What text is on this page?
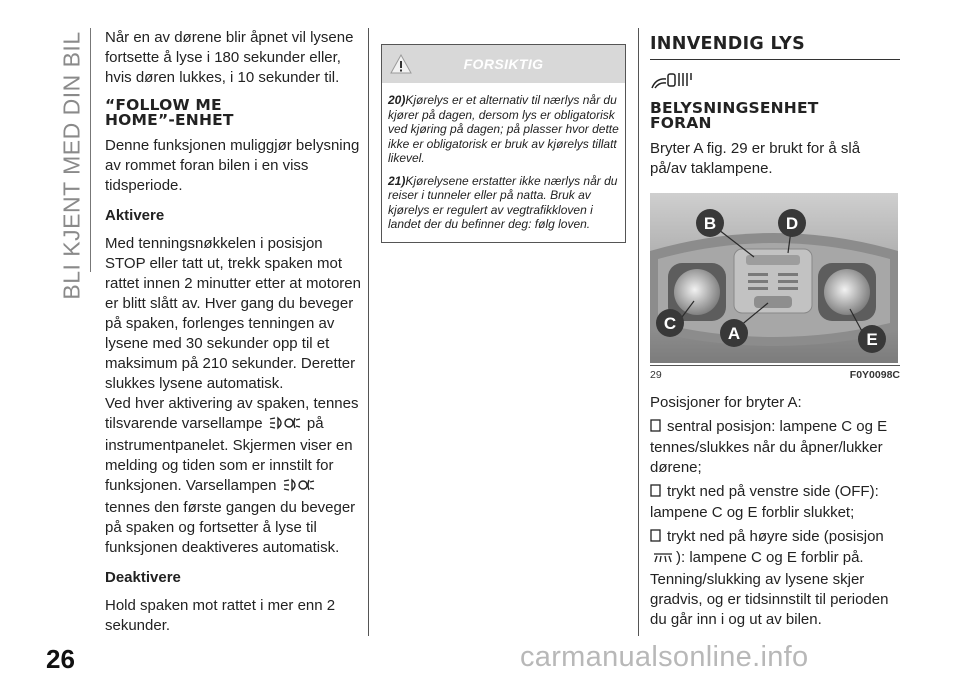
BLI KJENT MED DIN BIL Når en av dørene blir åpnet vil lysene fortsette å lyse i 180 sekunder eller, hvis døren lukkes, i 10 sekunder til.

“FOLLOW ME
HOME”-ENHET

Denne funksjonen muliggjør belysning av rommet foran bilen i en viss tidsperiode.

Aktivere

Med tenningsnøkkelen i posisjon STOP eller tatt ut, trekk spaken mot rattet innen 2 minutter etter at motoren er blitt slått av. Hver gang du beveger på spaken, forlenges tenningen av lysene med 30 sekunder opp til et maksimum på 210 sekunder. Deretter slukkes lysene automatisk.

Ved hver aktivering av spaken, tennes tilsvarende varsellampe	på instrumentpanelet. Skjermen viser en melding og tiden som er innstilt for funksjonen. Varsellampen  tennes den første gangen du beveger på spaken og fortsetter å lyse til funksjonen deaktiveres automatisk.

Deaktivere

Hold spaken mot rattet i mer enn 2 sekunder.

FORSIKTIG

20)Kjørelys er et alternativ til nærlys når du kjører på dagen, dersom lys er obligatorisk ved kjøring på dagen; på plasser hvor dette ikke er obligatorisk er bruk av kjørelys tillatt likevel.

21)Kjørelysene erstatter ikke nærlys når du reiser i tunneler eller på natta. Bruk av kjørelys er regulert av vegtrafikkloven i landet der du befinner deg: følg loven.

INNVENDIG LYS
BELYSNINGSENHET
FORAN

Bryter A fig. 29 er brukt for å slå på/av taklampene.

B	D
C
A	E
29	F0Y0098C

Posisjoner for bryter A:

sentral posisjon: lampene C og E tennes/slukkes når du åpner/lukker dørene;

trykt ned på venstre side (OFF): lampene C og E forblir slukket;

trykt ned på høyre side (posisjon
): lampene C og E forblir på.

Tenning/slukking av lysene skjer gradvis, og er tidsinnstilt til perioden du går inn i og ut av bilen.

26	carmanualsonline.info
